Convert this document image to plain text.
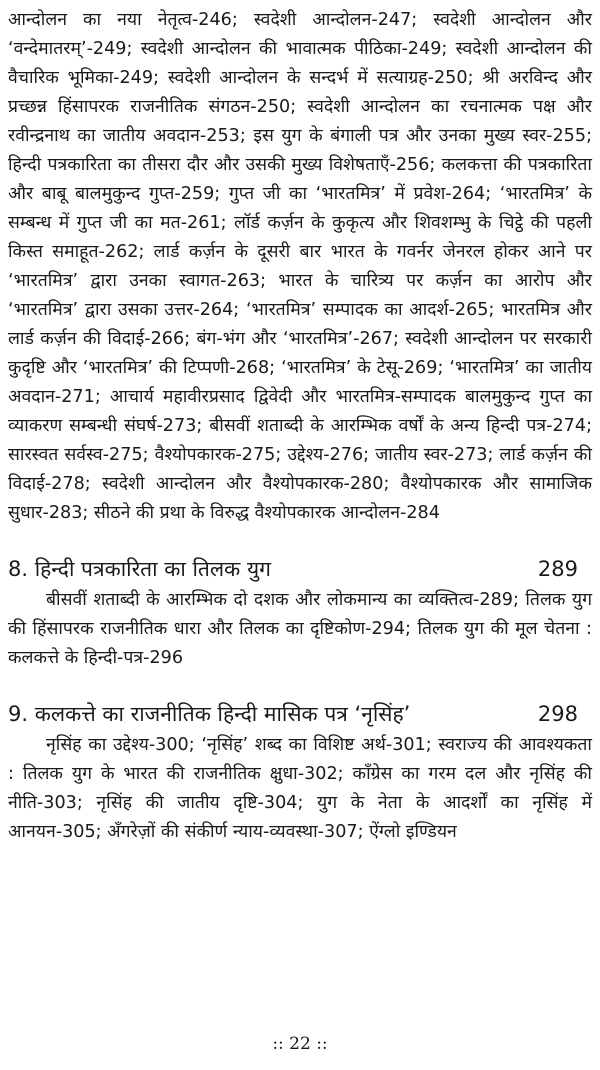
आन्दोलन का नया नेतृत्व-246; स्वदेशी आन्दोलन-247; स्वदेशी आन्दोलन और ‘वन्देमातरम्’-249; स्वदेशी आन्दोलन की भावात्मक पीठिका-249; स्वदेशी आन्दोलन की वैचारिक भूमिका-249; स्वदेशी आन्दोलन के सन्दर्भ में सत्याग्रह-250; श्री अरविन्द और प्रच्छन्न हिंसापरक राजनीतिक संगठन-250; स्वदेशी आन्दोलन का रचनात्मक पक्ष और रवीन्द्रनाथ का जातीय अवदान-253; इस युग के बंगाली पत्र और उनका मुख्य स्वर-255; हिन्दी पत्रकारिता का तीसरा दौर और उसकी मुख्य विशेषताएँ-256; कलकत्ता की पत्रकारिता और बाबू बालमुकुन्द गुप्त-259; गुप्त जी का ‘भारतमित्र’ में प्रवेश-264; ‘भारतमित्र’ के सम्बन्ध में गुप्त जी का मत-261; लॉर्ड कर्ज़न के कुकृत्य और शिवशम्भु के चिट्ठे की पहली किस्त समाहूत-262; लार्ड कर्ज़न के दूसरी बार भारत के गवर्नर जेनरल होकर आने पर ‘भारतमित्र’ द्वारा उनका स्वागत-263; भारत के चारित्र्य पर कर्ज़न का आरोप और ‘भारतमित्र’ द्वारा उसका उत्तर-264; ‘भारतमित्र’ सम्पादक का आदर्श-265; भारतमित्र और लार्ड कर्ज़न की विदाई-266; बंग-भंग और ‘भारतमित्र’-267; स्वदेशी आन्दोलन पर सरकारी कुदृष्टि और ‘भारतमित्र’ की टिप्पणी-268; ‘भारतमित्र’ के टेसू-269; ‘भारतमित्र’ का जातीय अवदान-271; आचार्य महावीरप्रसाद द्विवेदी और भारतमित्र-सम्पादक बालमुकुन्द गुप्त का व्याकरण सम्बन्धी संघर्ष-273; बीसवीं शताब्दी के आरम्भिक वर्षों के अन्य हिन्दी पत्र-274; सारस्वत सर्वस्व-275; वैश्योपकारक-275; उद्देश्य-276; जातीय स्वर-273; लार्ड कर्ज़न की विदाई-278; स्वदेशी आन्दोलन और वैश्योपकारक-280; वैश्योपकारक और सामाजिक सुधार-283; सीठने की प्रथा के विरुद्ध वैश्योपकारक आन्दोलन-284

8. हिन्दी पत्रकारिता का तिलक युग	289

बीसवीं शताब्दी के आरम्भिक दो दशक और लोकमान्य का व्यक्तित्व-289; तिलक युग की हिंसापरक राजनीतिक धारा और तिलक का दृष्टिकोण-294; तिलक युग की मूल चेतना : कलकत्ते के हिन्दी-पत्र-296

9. कलकत्ते का राजनीतिक हिन्दी मासिक पत्र ‘नृसिंह’	298

नृसिंह का उद्देश्य-300; ‘नृसिंह’ शब्द का विशिष्ट अर्थ-301; स्वराज्य की आवश्यकता : तिलक युग के भारत की राजनीतिक क्षुधा-302; काँग्रेस का गरम दल और नृसिंह की नीति-303; नृसिंह की जातीय दृष्टि-304; युग के नेता के आदर्शों का नृसिंह में आनयन-305; अँगरेज़ों की संकीर्ण न्याय-व्यवस्था-307; ऐंग्लो इण्डियन

:: 22 ::
